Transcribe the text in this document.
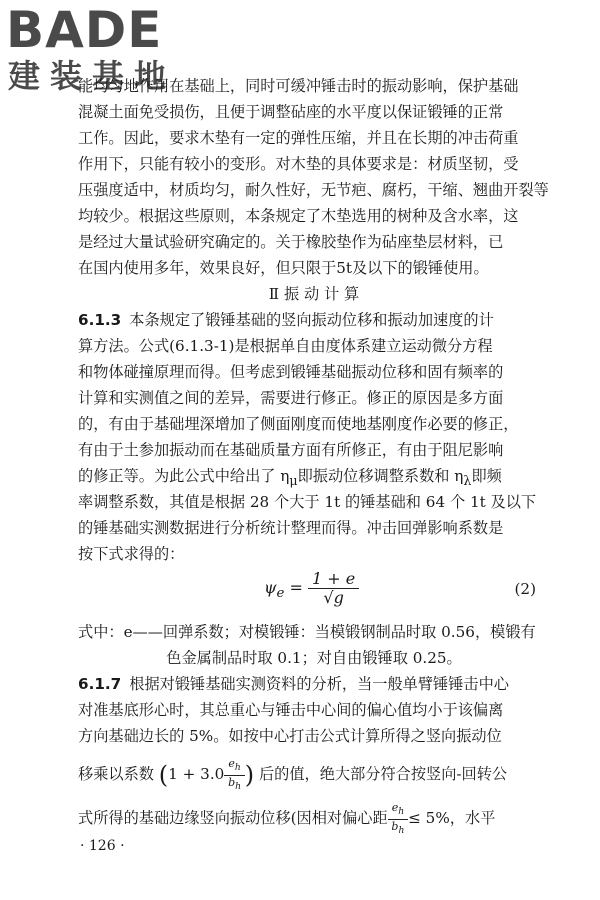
BADE
建装基地
能均匀地作用在基础上，同时可缓冲锤击时的振动影响，保护基础
混凝土面免受损伤，且便于调整砧座的水平度以保证锻锤的正常
工作。因此，要求木垫有一定的弹性压缩，并且在长期的冲击荷重
作用下，只能有较小的变形。对木垫的具体要求是：材质坚韧，受
压强度适中，材质均匀，耐久性好，无节疤、腐朽，干缩、翘曲开裂等
均较少。根据这些原则，本条规定了木垫选用的树种及含水率，这
是经过大量试验研究确定的。关于橡胶垫作为砧座垫层材料，已
在国内使用多年，效果良好，但只限于5t及以下的锻锤使用。
Ⅱ 振 动 计 算
6.1.3 本条规定了锻锤基础的竖向振动位移和振动加速度的计
算方法。公式(6.1.3-1)是根据单自由度体系建立运动微分方程
和物体碰撞原理而得。但考虑到锻锤基础振动位移和固有频率的
计算和实测值之间的差异，需要进行修正。修正的原因是多方面
的，有由于基础埋深增加了侧面刚度而使地基刚度作必要的修正，
有由于土参加振动而在基础质量方面有所修正，有由于阻尼影响
的修正等。为此公式中给出了 $\eta_\mu$即振动位移调整系数和 $\eta_\lambda$即频
率调整系数，其值是根据 28 个大于 1t 的锤基础和 64 个 1t 及以下
的锤基础实测数据进行分析统计整理而得。冲击回弹影响系数是
按下式求得的：
$\psi_e = \frac{1 + e}{√g}$	(2)
式中：e——回弹系数；对模锻锤：当模锻钢制品时取 0.56，模锻有
色金属制品时取 0.1；对自由锻锤取 0.25。
6.1.7 根据对锻锤基础实测资料的分析，当一般单臂锤锤击中心
对准基底形心时，其总重心与锤击中心间的偏心值均小于该偏离
方向基础边长的 5%。如按中心打击公式计算所得之竖向振动位
移乘以系数 ($1 + 3.0 \frac{e_h}{b_h}$ ) 后的值，绝大部分符合按竖向-回转公
式所得的基础边缘竖向振动位移(因相对偏心距 $\frac{e_h}{b_h} \le 5\%$，水平
· 126 ·
